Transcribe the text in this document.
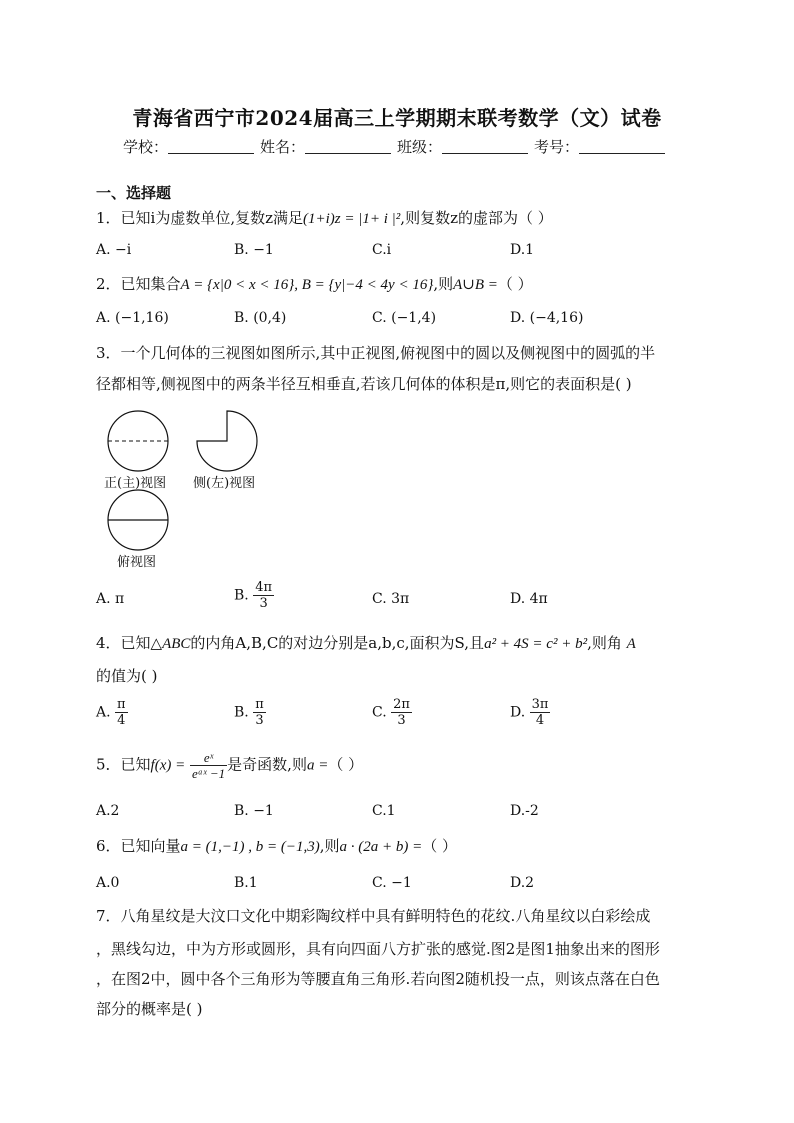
青海省西宁市2024届高三上学期期末联考数学（文）试卷
学校：	姓名：	班级：	考号：
一、选择题
1．已知i为虚数单位,复数z满足(1+i)z = |1+ i |²,则复数z的虚部为（ ）
A. −i	B. −1	C.i	D.1
2．已知集合A = {x|0 < x < 16}, B = {y|−4 < 4y < 16},则A∪B =（ ）
A. (−1,16)	B. (0,4)	C. (−1,4)	D. (−4,16)
3．一个几何体的三视图如图所示,其中正视图,俯视图中的圆以及侧视图中的圆弧的半
径都相等,侧视图中的两条半径互相垂直,若该几何体的体积是π,则它的表面积是( )
正(主)视图 侧(左)视图
俯视图
A. π	B. $\frac{4\pi}{3}$	C. 3π	D. 4π
4．已知△ABC的内角A,B,C的对边分别是a,b,c,面积为S,且a² + 4S = c² + b²,则角 A
的值为( )
A. $\frac{\pi}{4}$	B. $\frac{\pi}{3}$	C. $\frac{2\pi}{3}$	D. $\frac{3\pi}{4}$
5．已知$f(x) = \frac{\text{eˣ}}{\text{eᵃˣ −1}}$ 是奇函数,则a =（ ）
A.2	B. −1	C.1	D.-2
6．已知向量a = (1,−1) , b = (−1,3),则a · (2a + b) =（ ）
A.0	B.1	C. −1	D.2
7．八角星纹是大汶口文化中期彩陶纹样中具有鲜明特色的花纹.八角星纹以白彩绘成
，黑线勾边，中为方形或圆形，具有向四面八方扩张的感觉.图2是图1抽象出来的图形
，在图2中，圆中各个三角形为等腰直角三角形.若向图2随机投一点，则该点落在白色
部分的概率是( )
